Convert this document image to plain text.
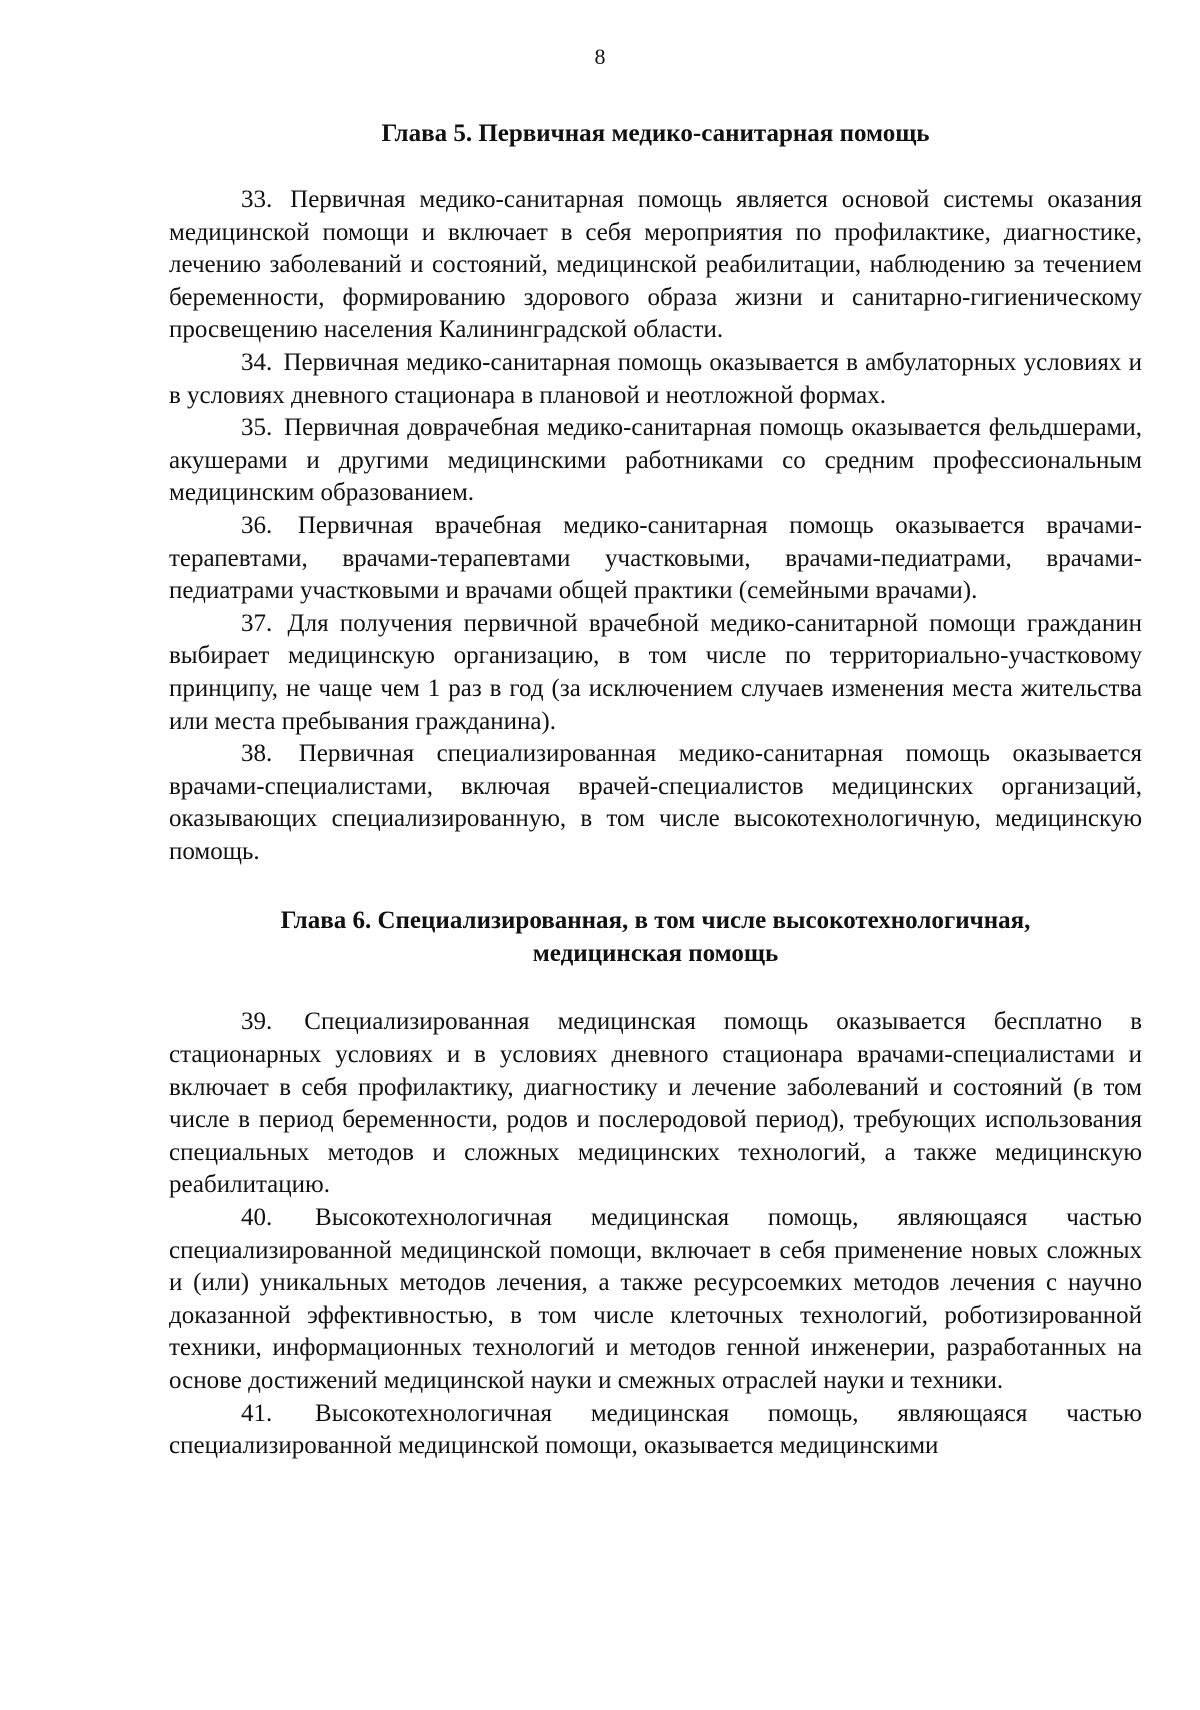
8

Глава 5. Первичная медико-санитарная помощь

33. Первичная медико-санитарная помощь является основой системы оказания медицинской помощи и включает в себя мероприятия по профилактике, диагностике, лечению заболеваний и состояний, медицинской реабилитации, наблюдению за течением беременности, формированию здорового образа жизни и санитарно-гигиеническому просвещению населения Калининградской области.

34. Первичная медико-санитарная помощь оказывается в амбулаторных условиях и в условиях дневного стационара в плановой и неотложной формах.

35. Первичная доврачебная медико-санитарная помощь оказывается фельдшерами, акушерами и другими медицинскими работниками со средним профессиональным медицинским образованием.

36. Первичная врачебная медико-санитарная помощь оказывается врачами-терапевтами, врачами-терапевтами участковыми, врачами-педиатрами, врачами-педиатрами участковыми и врачами общей практики (семейными врачами).

37. Для получения первичной врачебной медико-санитарной помощи гражданин выбирает медицинскую организацию, в том числе по территориально-участковому принципу, не чаще чем 1 раз в год (за исключением случаев изменения места жительства или места пребывания гражданина).

38. Первичная специализированная медико-санитарная помощь оказывается врачами-специалистами, включая врачей-специалистов медицинских организаций, оказывающих специализированную, в том числе высокотехнологичную, медицинскую помощь.

Глава 6. Специализированная, в том числе высокотехнологичная,
медицинская помощь

39. Специализированная медицинская помощь оказывается бесплатно в стационарных условиях и в условиях дневного стационара врачами-специалистами и включает в себя профилактику, диагностику и лечение заболеваний и состояний (в том числе в период беременности, родов и послеродовой период), требующих использования специальных методов и сложных медицинских технологий, а также медицинскую реабилитацию.

40. Высокотехнологичная медицинская помощь, являющаяся частью специализированной медицинской помощи, включает в себя применение новых сложных и (или) уникальных методов лечения, а также ресурсоемких методов лечения с научно доказанной эффективностью, в том числе клеточных технологий, роботизированной техники, информационных технологий и методов генной инженерии, разработанных на основе достижений медицинской науки и смежных отраслей науки и техники.

41. Высокотехнологичная медицинская помощь, являющаяся частью специализированной медицинской помощи, оказывается медицинскими
